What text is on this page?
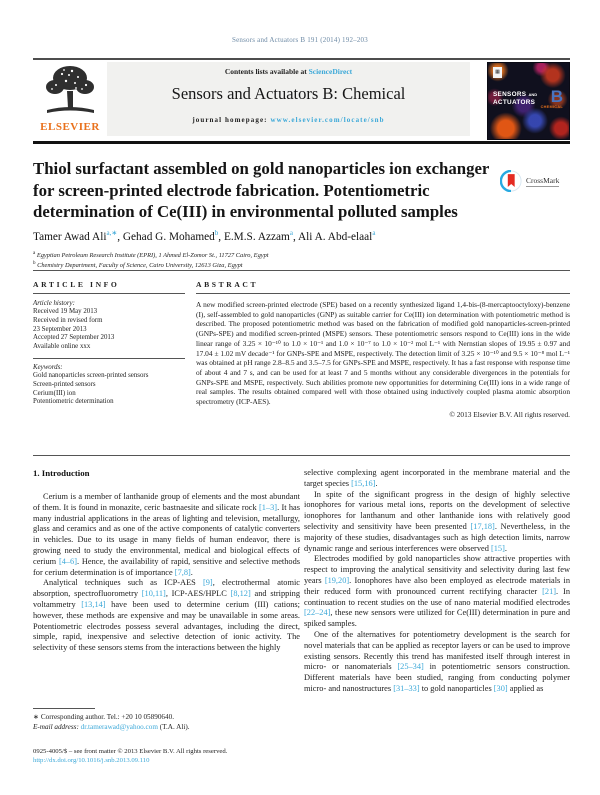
Sensors and Actuators B 191 (2014) 192–203
ELSEVIER
Contents lists available at ScienceDirect
Sensors and Actuators B: Chemical
journal homepage: www.elsevier.com/locate/snb
▦
SENSORS AND
ACTUATORS B
CHEMICAL
Thiol surfactant assembled on gold nanoparticles ion exchanger for screen-printed electrode fabrication. Potentiometric determination of Ce(III) in environmental polluted samples
CrossMark
Tamer Awad Ali$^{a,∗}$, Gehad G. Mohamed$^b$, E.M.S. Azzam$^a$, Ali A. Abd-elaal$^a$
$^a$ Egyptian Petroleum Research Institute (EPRI), 1 Ahmed El-Zomor St., 11727 Cairo, Egypt
$^b$ Chemistry Department, Faculty of Science, Cairo University, 12613 Giza, Egypt
ARTICLE INFO
Article history:
Received 19 May 2013
Received in revised form
23 September 2013
Accepted 27 September 2013
Available online xxx
Keywords:
Gold nanoparticles screen-printed sensors
Screen-printed sensors
Cerium(III) ion
Potentiometric determination
ABSTRACT

A new modified screen-printed electrode (SPE) based on a recently synthesized ligand 1,4-bis-(8-mercaptooctyloxy)-benzene (I), self-assembled to gold nanoparticles (GNP) as suitable carrier for Ce(III) ion determination with potentiometric method is described. The proposed potentiometric method was based on the fabrication of modified gold nanoparticles-screen-printed (GNPs-SPE) and modified screen-printed (MSPE) sensors. These potentiometric sensors respond to Ce(III) ions in the wide linear range of 3.25 × 10⁻¹⁰ to 1.0 × 10⁻¹ and 1.0 × 10⁻⁷ to 1.0 × 10⁻² mol L⁻¹ with Nernstian slopes of 19.95 ± 0.97 and 17.04 ± 1.02 mV decade⁻¹ for GNPs-SPE and MSPE, respectively. The detection limit of 3.25 × 10⁻¹⁰ and 9.5 × 10⁻⁸ mol L⁻¹ was obtained at pH range 2.8–8.5 and 3.5–7.5 for GNPs-SPE and MSPE, respectively. It has a fast response with response time of about 4 and 7 s, and can be used for at least 7 and 5 months without any considerable divergences in the potentials for GNPs-SPE and MSPE, respectively. Such abilities promote new opportunities for determining Ce(III) ions in a wide range of real samples. The results obtained compared well with those obtained using inductively coupled plasma atomic absorption spectrometry (ICP-AES).

© 2013 Elsevier B.V. All rights reserved.
1. Introduction

Cerium is a member of lanthanide group of elements and the most abundant of them. It is found in monazite, ceric bastnaesite and silicate rock [1–3]. It has many industrial applications in the areas of lighting and television, metallurgy, glass and ceramics and as one of the active components of catalytic converters in vehicles. Due to its usage in many fields of human endeavor, there is growing need to study the environmental, medical and biological effects of cerium [4–6]. Hence, the availability of rapid, sensitive and selective methods for cerium determination is of importance [7,8].

Analytical techniques such as ICP-AES [9], electrothermal atomic absorption, spectrofluorometry [10,11], ICP-AES/HPLC [8,12] and stripping voltammetry [13,14] have been used to determine cerium (III) cations; however, these methods are expensive and may be unavailable in some areas. Potentiometric electrodes possess several advantages, including the direct, simple, rapid, inexpensive and selective detection of ionic activity. The selectivity of these sensors stems from the interactions between the highly

selective complexing agent incorporated in the membrane material and the target species [15,16].

In spite of the significant progress in the design of highly selective ionophores for various metal ions, reports on the development of selective ionophores for lanthanum and other lanthanide ions with relatively good selectivity and sensitivity have been presented [17,18]. Nevertheless, in the majority of these studies, disadvantages such as high detection limits, narrow dynamic range and serious interferences were observed [15].

Electrodes modified by gold nanoparticles show attractive properties with respect to improving the analytical sensitivity and selectivity during last few years [19,20]. Ionophores have also been employed as electrode materials in their reduced form with pronounced current rectifying character [21]. In continuation to recent studies on the use of nano material modified electrodes [22–24], these new sensors were utilized for Ce(III) determination in pure and spiked samples.

One of the alternatives for potentiometry development is the search for novel materials that can be applied as receptor layers or can be used to improve existing sensors. Recently this trend has manifested itself through interest in micro- or nanomaterials [25–34] in potentiometric sensors construction. Different materials have been studied, ranging from conducting polymer micro- and nanostructures [31–33] to gold nanoparticles [30] applied as

∗ Corresponding author. Tel.: +20 10 05890640.

E-mail address: dr.tamerawad@yahoo.com (T.A. Ali).

0925-4005/$ – see front matter © 2013 Elsevier B.V. All rights reserved.
http://dx.doi.org/10.1016/j.snb.2013.09.110
